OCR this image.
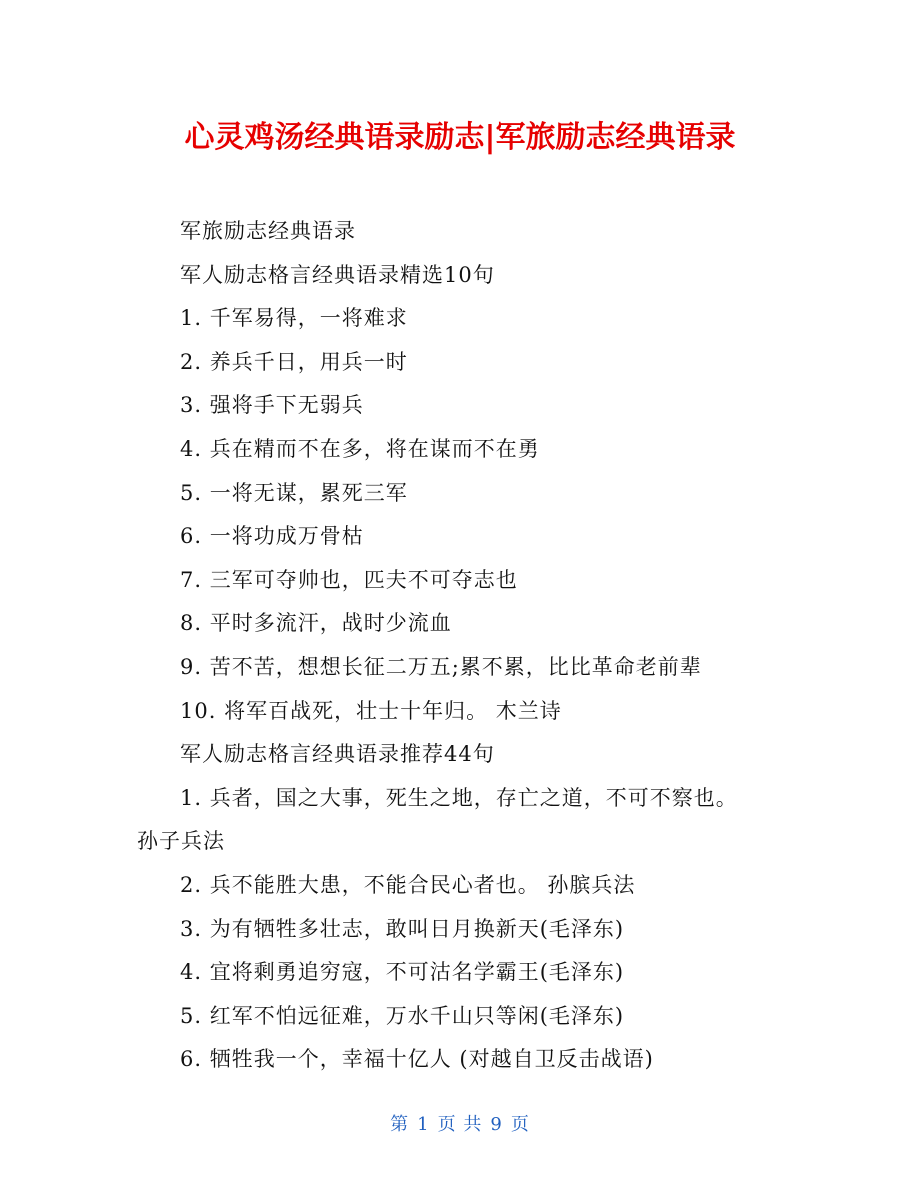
心灵鸡汤经典语录励志|军旅励志经典语录
军旅励志经典语录
军人励志格言经典语录精选10句
1. 千军易得，一将难求
2. 养兵千日，用兵一时
3. 强将手下无弱兵
4. 兵在精而不在多，将在谋而不在勇
5. 一将无谋，累死三军
6. 一将功成万骨枯
7. 三军可夺帅也，匹夫不可夺志也
8. 平时多流汗，战时少流血
9. 苦不苦，想想长征二万五;累不累，比比革命老前辈
10. 将军百战死，壮士十年归。 木兰诗
军人励志格言经典语录推荐44句
1. 兵者，国之大事，死生之地，存亡之道，不可不察也。
孙子兵法
2. 兵不能胜大患，不能合民心者也。 孙膑兵法
3. 为有牺牲多壮志，敢叫日月换新天(毛泽东)
4. 宜将剩勇追穷寇，不可沽名学霸王(毛泽东)
5. 红军不怕远征难，万水千山只等闲(毛泽东)
6. 牺牲我一个，幸福十亿人 (对越自卫反击战语)
第 1 页 共 9 页
